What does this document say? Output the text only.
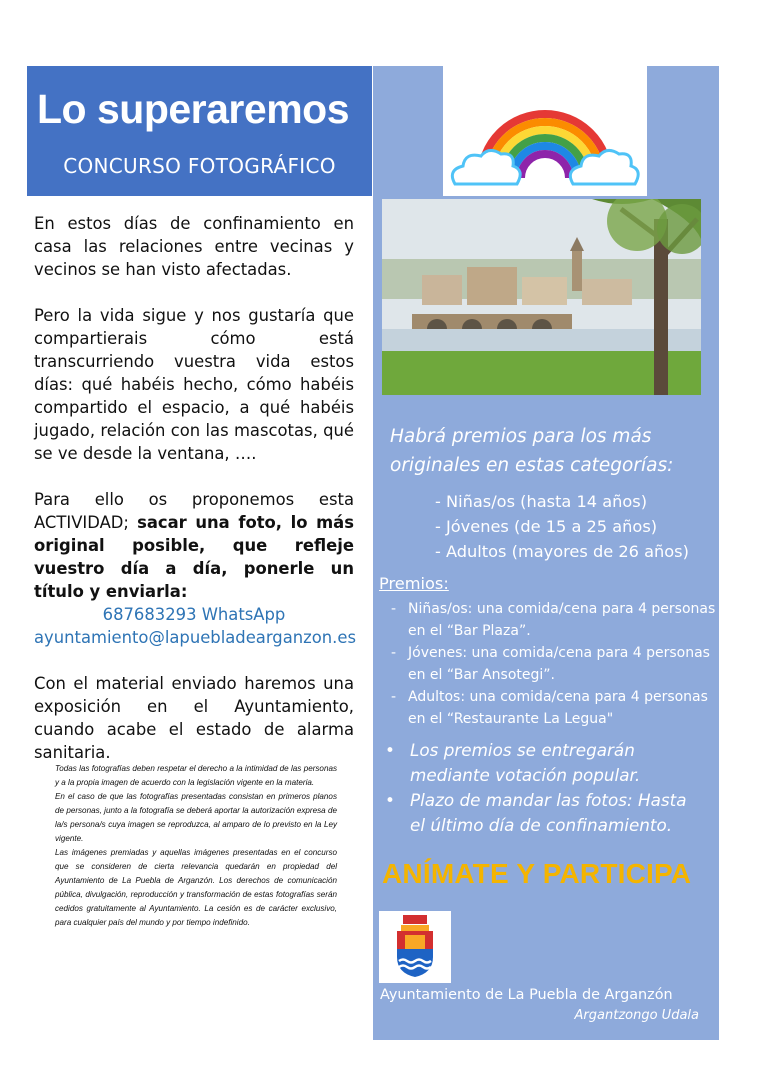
Lo superaremos
CONCURSO FOTOGRÁFICO
Habrá premios para los más originales en estas categorías:
- Niñas/os (hasta 14 años)
- Jóvenes (de 15 a 25 años)
- Adultos (mayores de 26 años)
Premios:
- Niñas/os: una comida/cena para 4 personas en el “Bar Plaza”.
- Jóvenes: una comida/cena para 4 personas en el “Bar Ansotegi”.
- Adultos: una comida/cena para 4 personas en el “Restaurante La Legua"
• Los premios se entregarán mediante votación popular.
• Plazo de mandar las fotos: Hasta el último día de confinamiento.
ANÍMATE Y PARTICIPA
Ayuntamiento de La Puebla de Arganzón
Argantzongo Udala

En estos días de confinamiento en casa las relaciones entre vecinas y vecinos se han visto afectadas.

Pero la vida sigue y nos gustaría que compartierais cómo está transcurriendo vuestra vida estos días: qué habéis hecho, cómo habéis compartido el espacio, a qué habéis jugado, relación con las mascotas, qué se ve desde la ventana, ….

Para ello os proponemos esta ACTIVIDAD; sacar una foto, lo más original posible, que refleje vuestro día a día, ponerle un título y enviarla:

687683293 WhatsApp

ayuntamiento@lapuebladearganzon.es

Con el material enviado haremos una exposición en el Ayuntamiento, cuando acabe el estado de alarma sanitaria.

Todas las fotografías deben respetar el derecho a la intimidad de las personas y a la propia imagen de acuerdo con la legislación vigente en la materia.

En el caso de que las fotografías presentadas consistan en primeros planos de personas, junto a la fotografía se deberá aportar la autorización expresa de la/s persona/s cuya imagen se reproduzca, al amparo de lo previsto en la Ley vigente.

Las imágenes premiadas y aquellas imágenes presentadas en el concurso que se consideren de cierta relevancia quedarán en propiedad del Ayuntamiento de La Puebla de Arganzón. Los derechos de comunicación pública, divulgación, reproducción y transformación de estas fotografías serán cedidos gratuitamente al Ayuntamiento. La cesión es de carácter exclusivo, para cualquier país del mundo y por tiempo indefinido.
